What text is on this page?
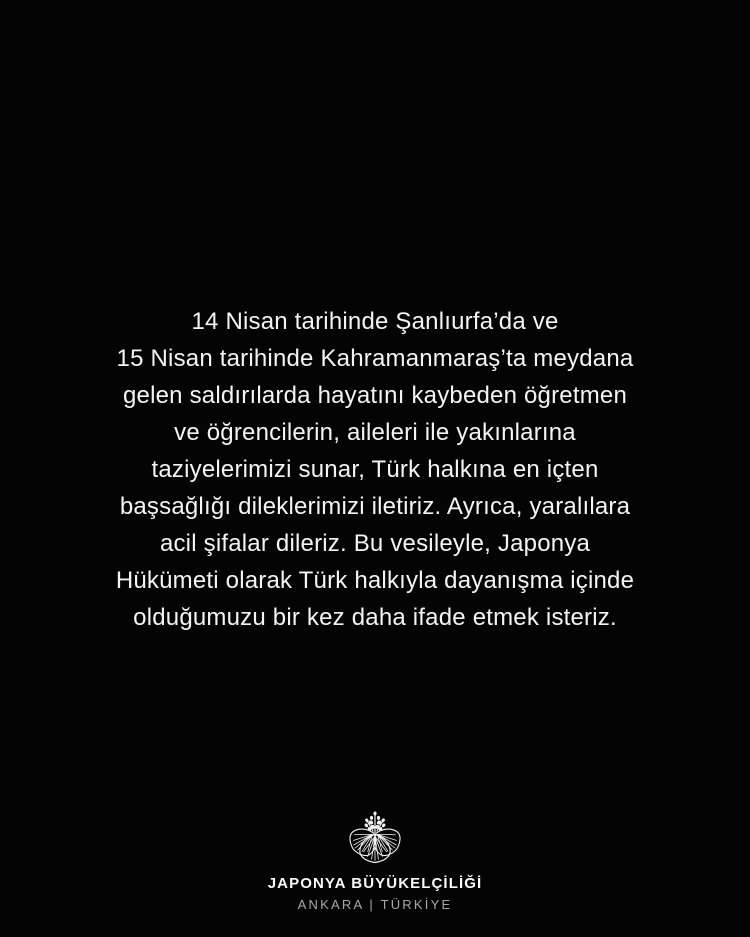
14 Nisan tarihinde Şanlıurfa’da ve
15 Nisan tarihinde Kahramanmaraş’ta meydana
gelen saldırılarda hayatını kaybeden öğretmen
ve öğrencilerin, aileleri ile yakınlarına
taziyelerimizi sunar, Türk halkına en içten
başsağlığı dileklerimizi iletiriz. Ayrıca, yaralılara
acil şifalar dileriz. Bu vesileyle, Japonya
Hükümeti olarak Türk halkıyla dayanışma içinde
olduğumuzu bir kez daha ifade etmek isteriz.
JAPONYA BÜYÜKELÇİLİĞİ
ANKARA | TÜRKİYE
